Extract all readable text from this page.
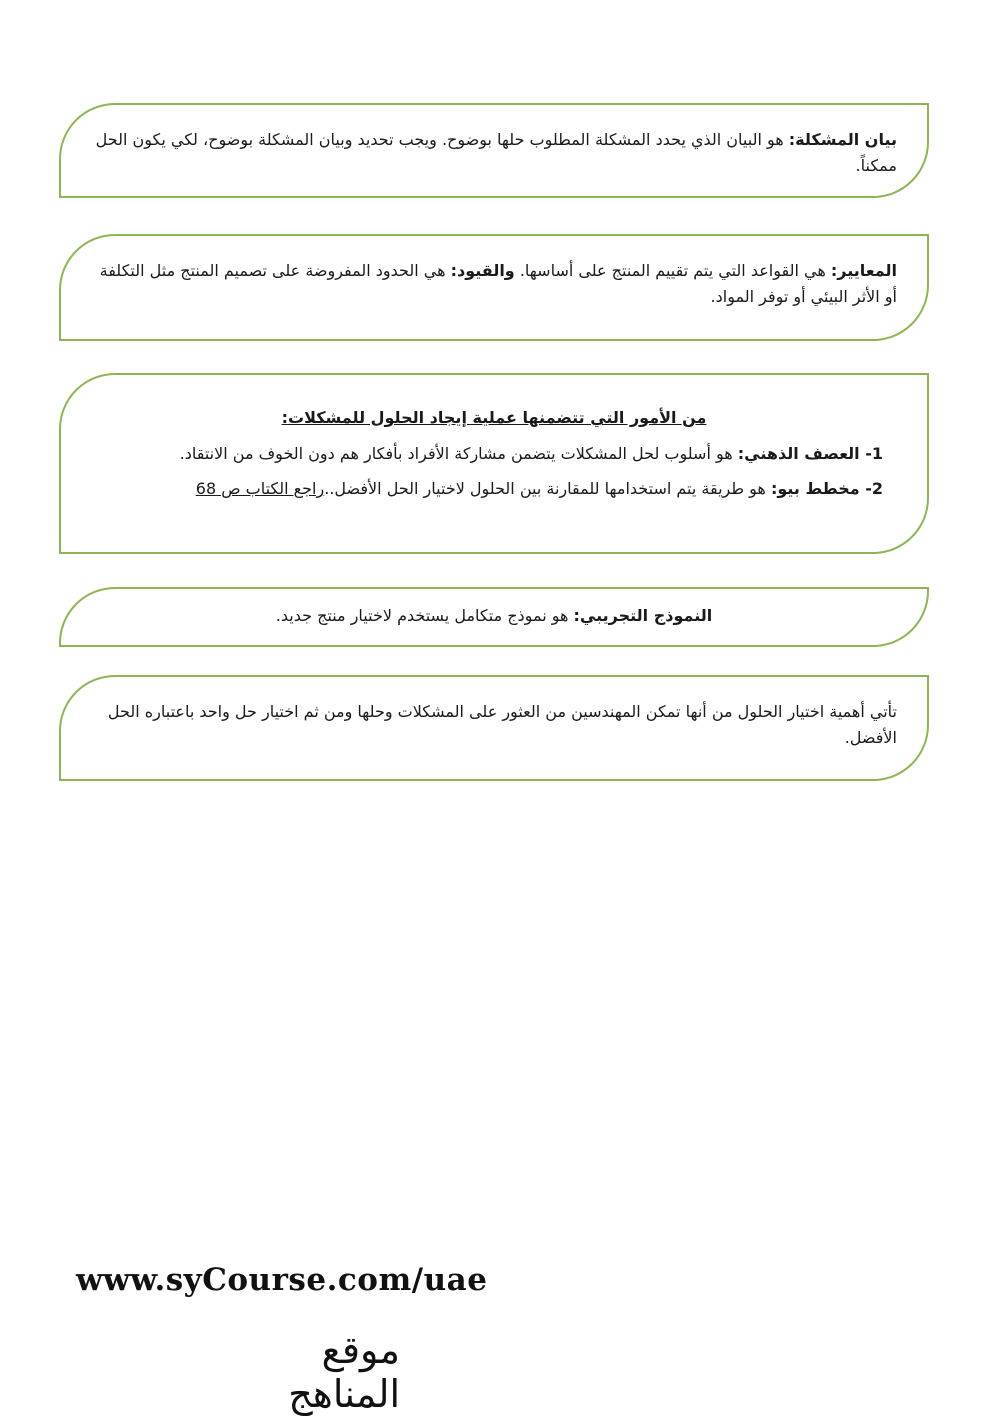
بيان المشكلة: هو البيان الذي يحدد المشكلة المطلوب حلها بوضوح. ويجب تحديد وبيان المشكلة بوضوح، لكي يكون الحل ممكناً.
المعايير: هي القواعد التي يتم تقييم المنتج على أساسها. والقيود: هي الحدود المفروضة على تصميم المنتج مثل التكلفة أو الأثر البيئي أو توفر المواد.
من الأمور التي تتضمنها عملية إيجاد الحلول للمشكلات:
1- العصف الذهني: هو أسلوب لحل المشكلات يتضمن مشاركة الأفراد بأفكار هم دون الخوف من الانتقاد.
2- مخطط بيو: هو طريقة يتم استخدامها للمقارنة بين الحلول لاختيار الحل الأفضل..راجع الكتاب ص 68
النموذج التجريبي: هو نموذج متكامل يستخدم لاختيار منتج جديد.
تأتي أهمية اختيار الحلول من أنها تمكن المهندسين من العثور على المشكلات وحلها ومن ثم اختيار حل واحد باعتباره الحل الأفضل.
www.syCourse.com/uae
موقع المناهج
